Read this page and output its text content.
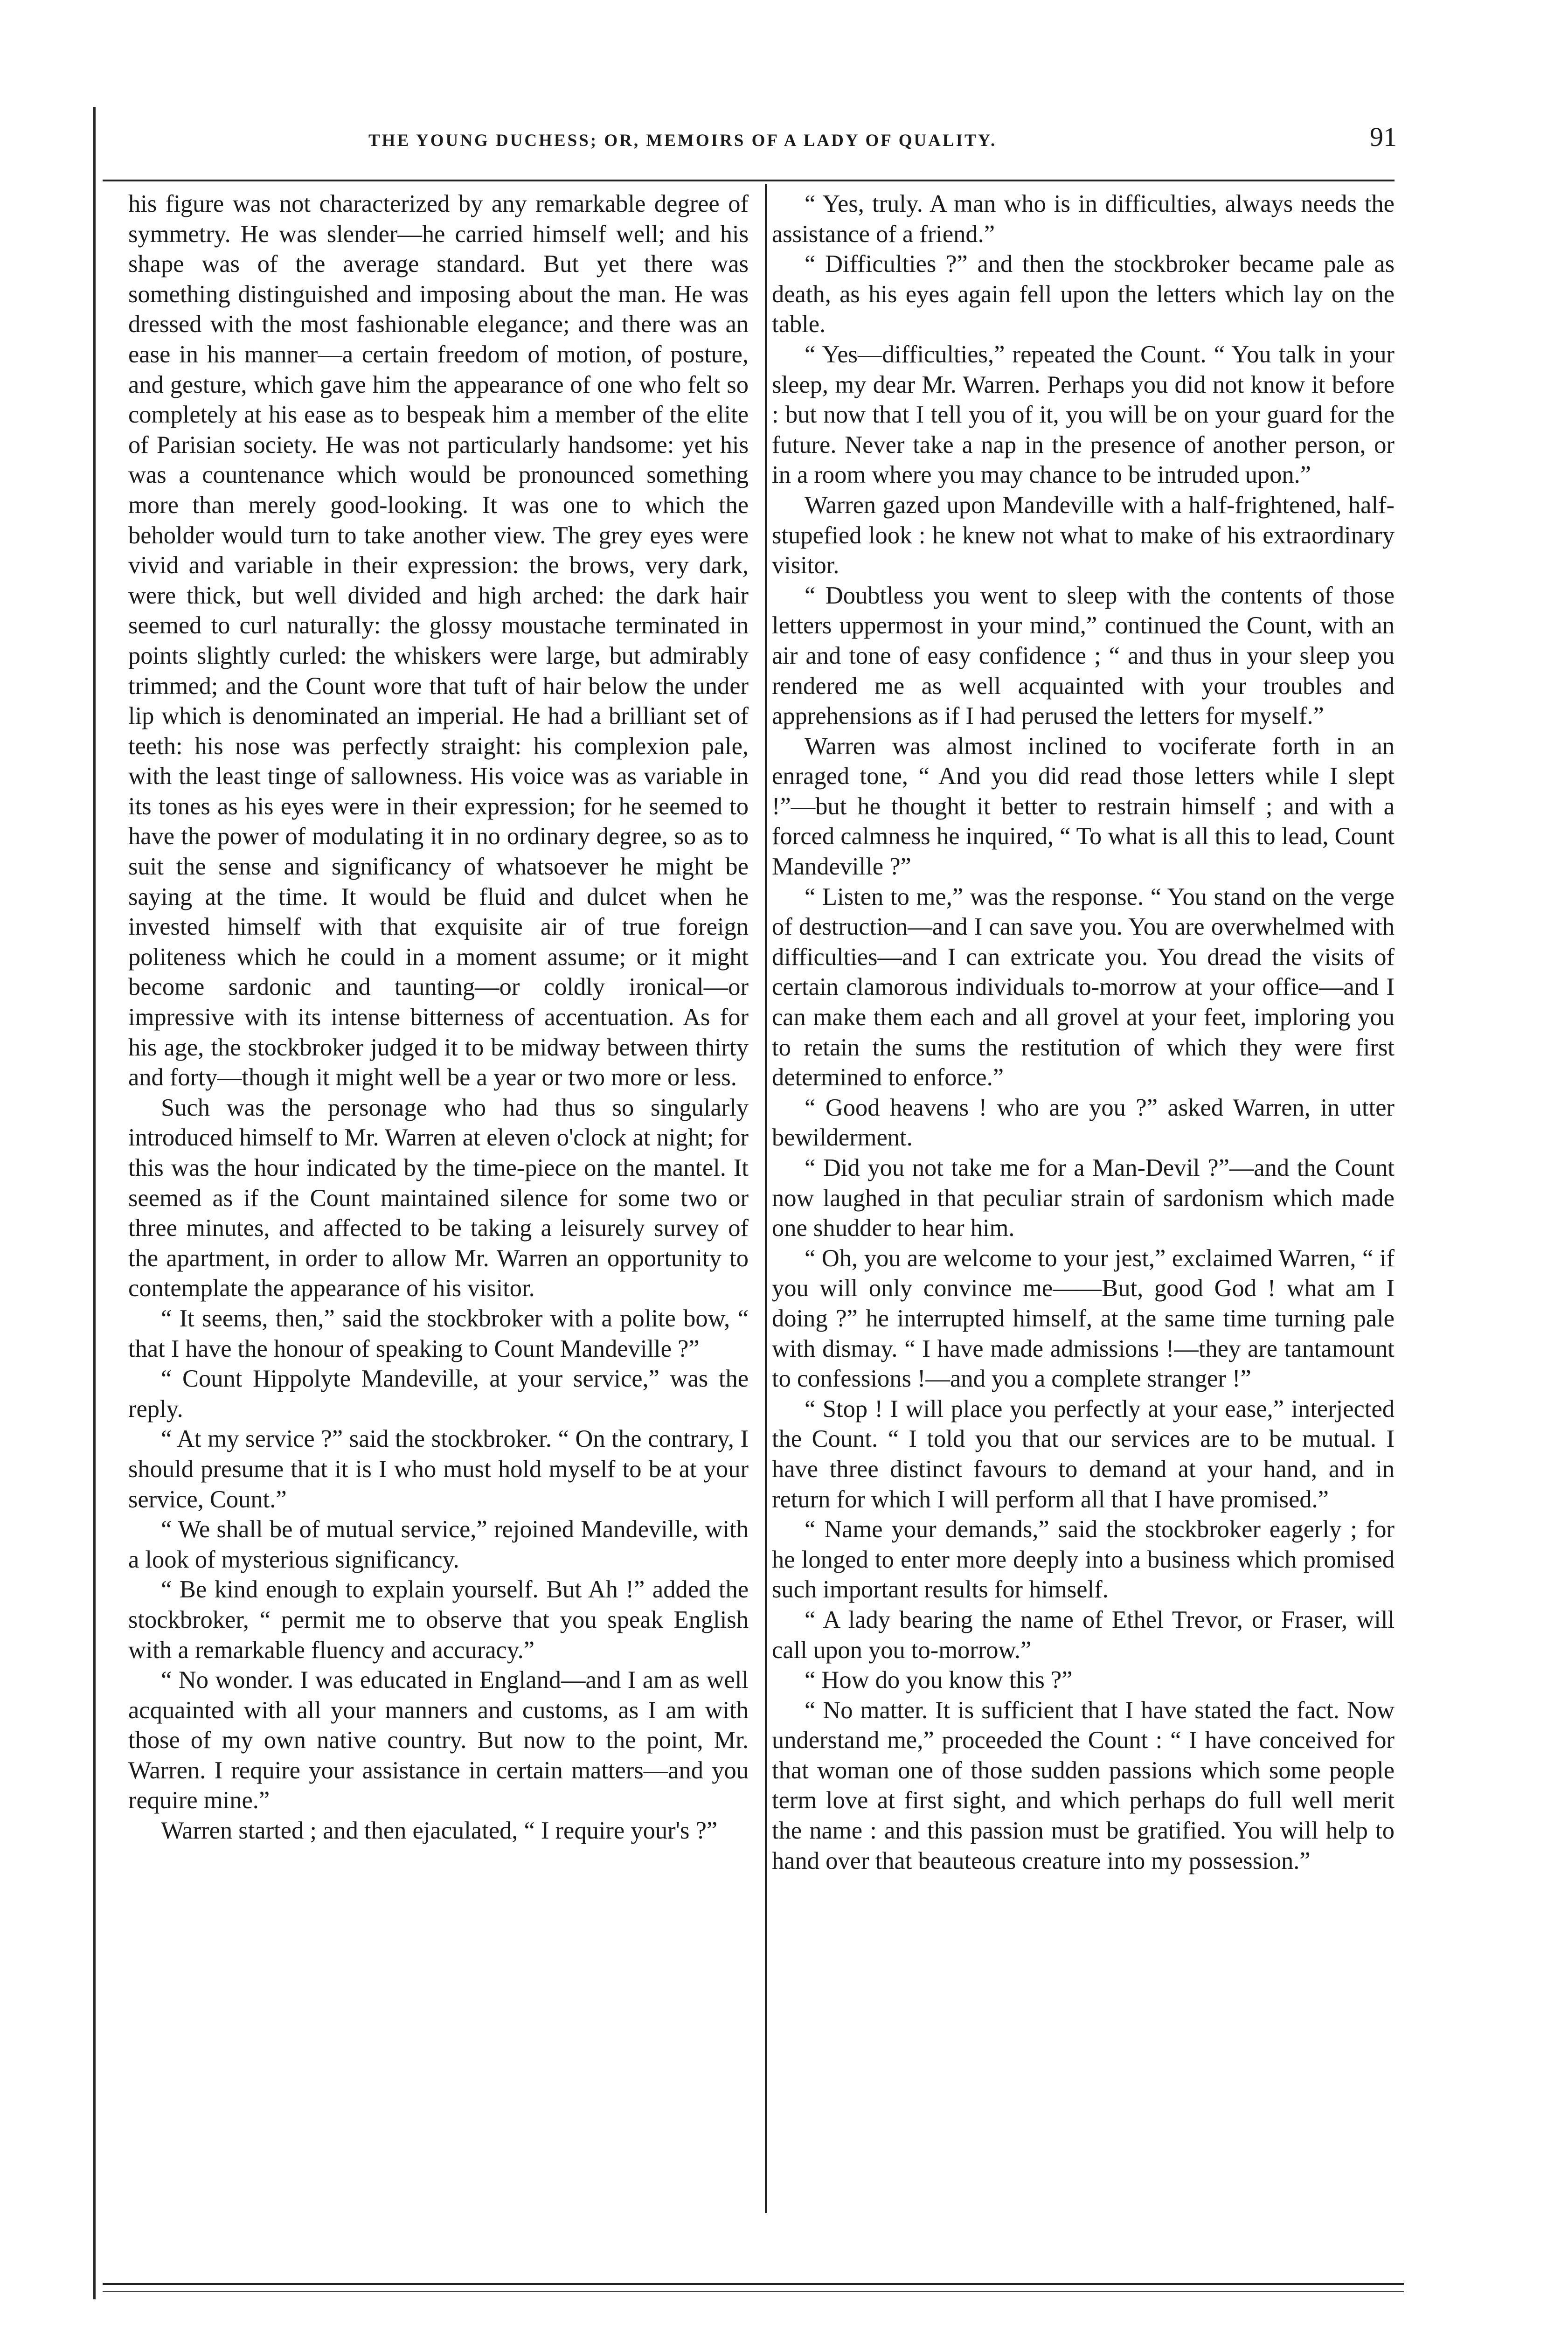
THE YOUNG DUCHESS; OR, MEMOIRS OF A LADY OF QUALITY.	91

his figure was not characterized by any remarkable degree of symmetry. He was slender—he carried himself well; and his shape was of the average standard. But yet there was something distinguished and imposing about the man. He was dressed with the most fashionable elegance; and there was an ease in his manner—a certain freedom of motion, of posture, and gesture, which gave him the appearance of one who felt so completely at his ease as to bespeak him a member of the elite of Parisian society. He was not particularly handsome: yet his was a countenance which would be pronounced something more than merely good-looking. It was one to which the beholder would turn to take another view. The grey eyes were vivid and variable in their expression: the brows, very dark, were thick, but well divided and high arched: the dark hair seemed to curl naturally: the glossy moustache terminated in points slightly curled: the whiskers were large, but admirably trimmed; and the Count wore that tuft of hair below the under lip which is denominated an imperial. He had a brilliant set of teeth: his nose was perfectly straight: his complexion pale, with the least tinge of sallowness. His voice was as variable in its tones as his eyes were in their expression; for he seemed to have the power of modulating it in no ordinary degree, so as to suit the sense and significancy of whatsoever he might be saying at the time. It would be fluid and dulcet when he invested himself with that exquisite air of true foreign politeness which he could in a moment assume; or it might become sardonic and taunting—or coldly ironical—or impressive with its intense bitterness of accentuation. As for his age, the stockbroker judged it to be midway between thirty and forty—though it might well be a year or two more or less.

Such was the personage who had thus so singularly introduced himself to Mr. Warren at eleven o'clock at night; for this was the hour indicated by the time-piece on the mantel. It seemed as if the Count maintained silence for some two or three minutes, and affected to be taking a leisurely survey of the apartment, in order to allow Mr. Warren an opportunity to contemplate the appearance of his visitor.

“ It seems, then,” said the stockbroker with a polite bow, “ that I have the honour of speaking to Count Mandeville ?”

“ Count Hippolyte Mandeville, at your service,” was the reply.

“ At my service ?” said the stockbroker. “ On the contrary, I should presume that it is I who must hold myself to be at your service, Count.”

“ We shall be of mutual service,” rejoined Mandeville, with a look of mysterious significancy.

“ Be kind enough to explain yourself. But Ah !” added the stockbroker, “ permit me to observe that you speak English with a remarkable fluency and accuracy.”

“ No wonder. I was educated in England—and I am as well acquainted with all your manners and customs, as I am with those of my own native country. But now to the point, Mr. Warren. I require your assistance in certain matters—and you require mine.”

Warren started ; and then ejaculated, “ I require your's ?”

“ Yes, truly. A man who is in difficulties, always needs the assistance of a friend.”

“ Difficulties ?” and then the stockbroker became pale as death, as his eyes again fell upon the letters which lay on the table.

“ Yes—difficulties,” repeated the Count. “ You talk in your sleep, my dear Mr. Warren. Perhaps you did not know it before : but now that I tell you of it, you will be on your guard for the future. Never take a nap in the presence of another person, or in a room where you may chance to be intruded upon.”

Warren gazed upon Mandeville with a half-frightened, half-stupefied look : he knew not what to make of his extraordinary visitor.

“ Doubtless you went to sleep with the contents of those letters uppermost in your mind,” continued the Count, with an air and tone of easy confidence ; “ and thus in your sleep you rendered me as well acquainted with your troubles and apprehensions as if I had perused the letters for myself.”

Warren was almost inclined to vociferate forth in an enraged tone, “ And you did read those letters while I slept !”—but he thought it better to restrain himself ; and with a forced calmness he inquired, “ To what is all this to lead, Count Mandeville ?”

“ Listen to me,” was the response. “ You stand on the verge of destruction—and I can save you. You are overwhelmed with difficulties—and I can extricate you. You dread the visits of certain clamorous individuals to-morrow at your office—and I can make them each and all grovel at your feet, imploring you to retain the sums the restitution of which they were first determined to enforce.”

“ Good heavens ! who are you ?” asked Warren, in utter bewilderment.

“ Did you not take me for a Man-Devil ?”—and the Count now laughed in that peculiar strain of sardonism which made one shudder to hear him.

“ Oh, you are welcome to your jest,” exclaimed Warren, “ if you will only convince me——But, good God ! what am I doing ?” he interrupted himself, at the same time turning pale with dismay. “ I have made admissions !—they are tantamount to confessions !—and you a complete stranger !”

“ Stop ! I will place you perfectly at your ease,” interjected the Count. “ I told you that our services are to be mutual. I have three distinct favours to demand at your hand, and in return for which I will perform all that I have promised.”

“ Name your demands,” said the stockbroker eagerly ; for he longed to enter more deeply into a business which promised such important results for himself.

“ A lady bearing the name of Ethel Trevor, or Fraser, will call upon you to-morrow.”

“ How do you know this ?”

“ No matter. It is sufficient that I have stated the fact. Now understand me,” proceeded the Count : “ I have conceived for that woman one of those sudden passions which some people term love at first sight, and which perhaps do full well merit the name : and this passion must be gratified. You will help to hand over that beauteous creature into my possession.”
